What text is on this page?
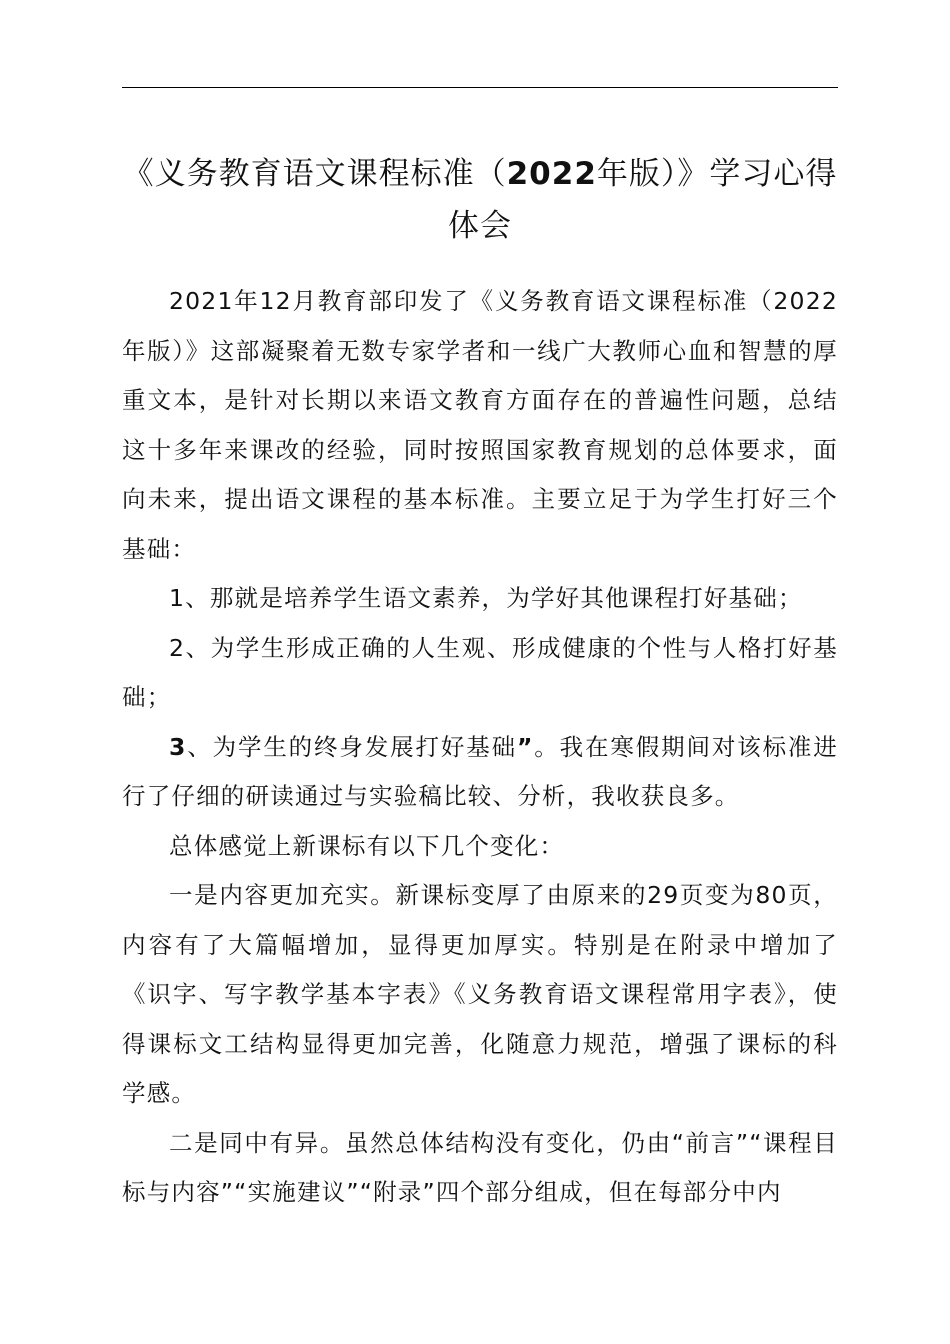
《义务教育语文课程标准（2022年版）》学习心得体会

2021年12月教育部印发了《义务教育语文课程标准（2022年版）》这部凝聚着无数专家学者和一线广大教师心血和智慧的厚重文本，是针对长期以来语文教育方面存在的普遍性问题，总结这十多年来课改的经验，同时按照国家教育规划的总体要求，面向未来，提出语文课程的基本标准。主要立足于为学生打好三个基础：

1、那就是培养学生语文素养，为学好其他课程打好基础；

2、为学生形成正确的人生观、形成健康的个性与人格打好基础；

3、为学生的终身发展打好基础”。我在寒假期间对该标准进行了仔细的研读通过与实验稿比较、分析，我收获良多。

总体感觉上新课标有以下几个变化：

一是内容更加充实。新课标变厚了由原来的29页变为80页，内容有了大篇幅增加，显得更加厚实。特别是在附录中增加了《识字、写字教学基本字表》《义务教育语文课程常用字表》，使得课标文工结构显得更加完善，化随意力规范，增强了课标的科学感。

二是同中有异。虽然总体结构没有变化，仍由“前言”“课程目标与内容”“实施建议”“附录”四个部分组成，但在每部分中内
